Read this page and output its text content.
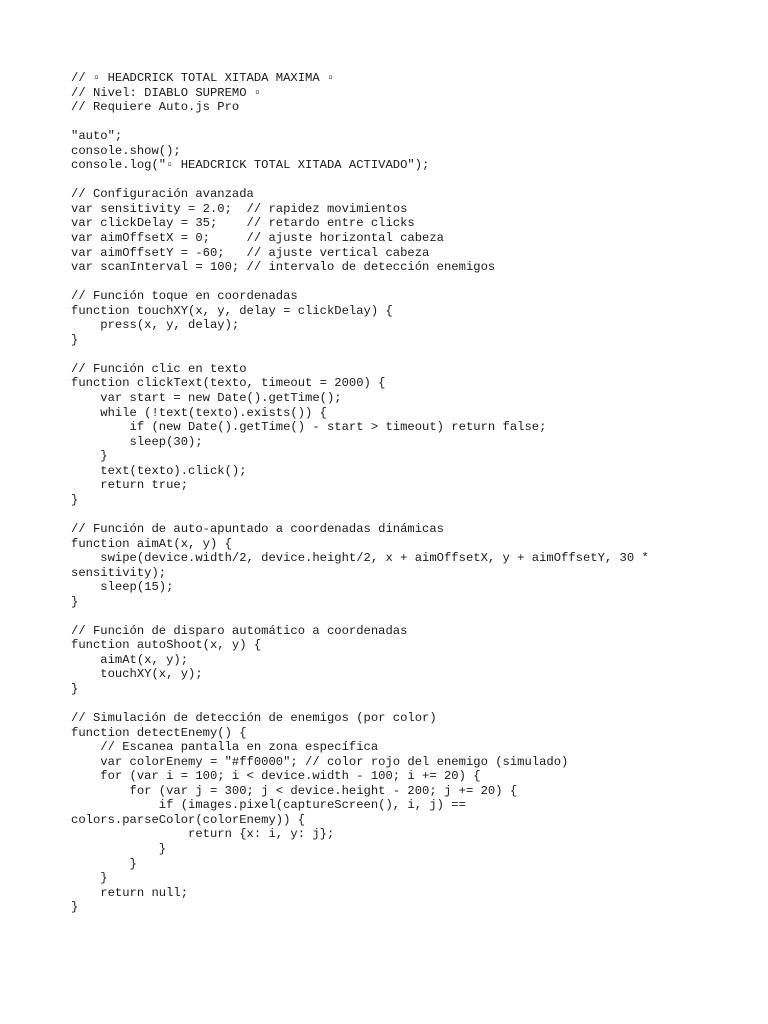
// ▫ HEADCRICK TOTAL XITADA MAXIMA ▫
// Nivel: DIABLO SUPREMO ▫
// Requiere Auto.js Pro
"auto";
console.show();
console.log("▫ HEADCRICK TOTAL XITADA ACTIVADO");
// Configuración avanzada
var sensitivity = 2.0;  // rapidez movimientos
var clickDelay = 35;    // retardo entre clicks
var aimOffsetX = 0;     // ajuste horizontal cabeza
var aimOffsetY = -60;   // ajuste vertical cabeza
var scanInterval = 100; // intervalo de detección enemigos
// Función toque en coordenadas
function touchXY(x, y, delay = clickDelay) {
press(x, y, delay);
}
// Función clic en texto
function clickText(texto, timeout = 2000) {
var start = new Date().getTime();
while (!text(texto).exists()) {
if (new Date().getTime() - start > timeout) return false;
sleep(30);
}
text(texto).click();
return true;
}
// Función de auto-apuntado a coordenadas dinámicas
function aimAt(x, y) {
swipe(device.width/2, device.height/2, x + aimOffsetX, y + aimOffsetY, 30 *
sensitivity);
sleep(15);
}
// Función de disparo automático a coordenadas
function autoShoot(x, y) {
aimAt(x, y);
touchXY(x, y);
}
// Simulación de detección de enemigos (por color)
function detectEnemy() {
// Escanea pantalla en zona específica
var colorEnemy = "#ff0000"; // color rojo del enemigo (simulado)
for (var i = 100; i < device.width - 100; i += 20) {
for (var j = 300; j < device.height - 200; j += 20) {
if (images.pixel(captureScreen(), i, j) ==
colors.parseColor(colorEnemy)) {
return {x: i, y: j};
}
}
}
return null;
}
